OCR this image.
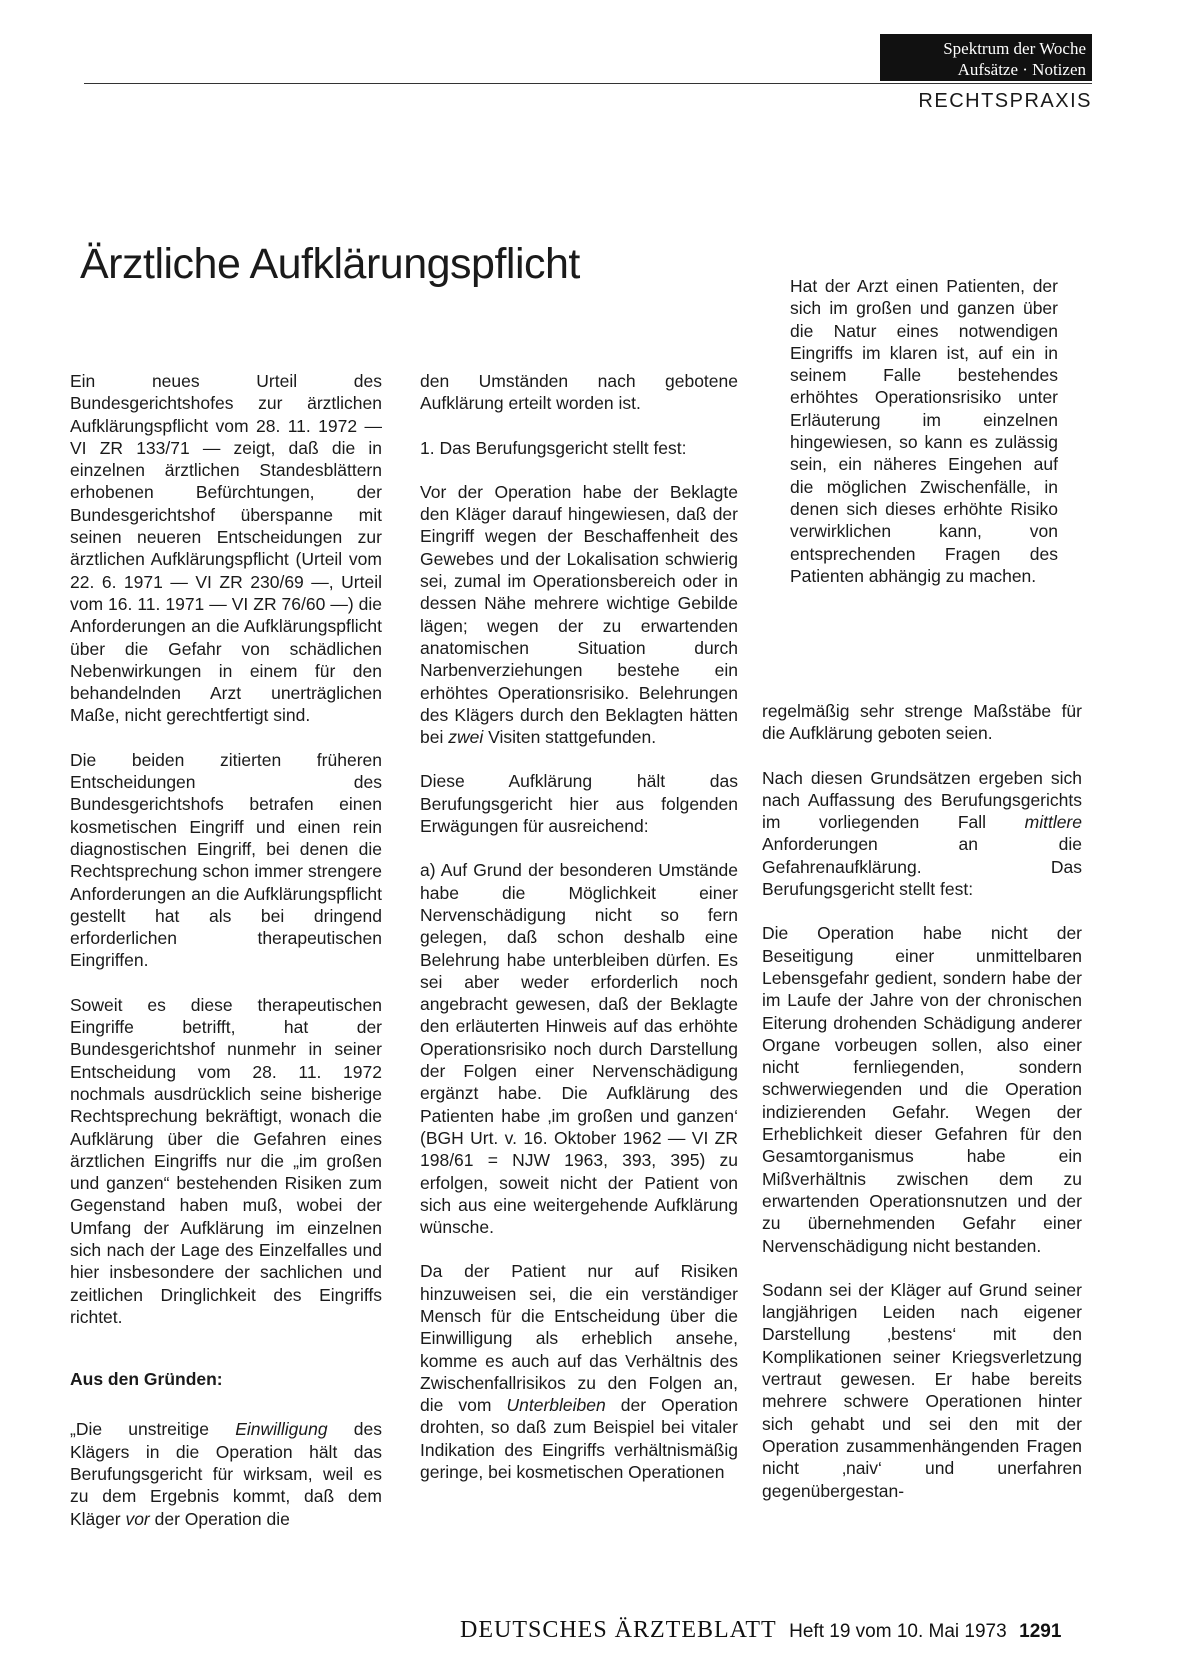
Spektrum der Woche
Aufsätze · Notizen
RECHTSPRAXIS
Ärztliche Aufklärungspflicht

Ein neues Urteil des Bundesgerichtshofes zur ärztlichen Aufklärungspflicht vom 28. 11. 1972 — VI ZR 133/71 — zeigt, daß die in einzelnen ärztlichen Standesblättern erhobenen Befürchtungen, der Bundesgerichtshof überspanne mit seinen neueren Entscheidungen zur ärztlichen Aufklärungspflicht (Urteil vom 22. 6. 1971 — VI ZR 230/69 —, Urteil vom 16. 11. 1971 — VI ZR 76/60 —) die Anforderungen an die Aufklärungspflicht über die Gefahr von schädlichen Nebenwirkungen in einem für den behandelnden Arzt unerträglichen Maße, nicht gerechtfertigt sind.

Die beiden zitierten früheren Entscheidungen des Bundesgerichtshofs betrafen einen kosmetischen Eingriff und einen rein diagnostischen Eingriff, bei denen die Rechtsprechung schon immer strengere Anforderungen an die Aufklärungspflicht gestellt hat als bei dringend erforderlichen therapeutischen Eingriffen.

Soweit es diese therapeutischen Eingriffe betrifft, hat der Bundesgerichtshof nunmehr in seiner Entscheidung vom 28. 11. 1972 nochmals ausdrücklich seine bisherige Rechtsprechung bekräftigt, wonach die Aufklärung über die Gefahren eines ärztlichen Eingriffs nur die „im großen und ganzen“ bestehenden Risiken zum Gegenstand haben muß, wobei der Umfang der Aufklärung im einzelnen sich nach der Lage des Einzelfalles und hier insbesondere der sachlichen und zeitlichen Dringlichkeit des Eingriffs richtet.

Aus den Gründen:

„Die unstreitige Einwilligung des Klägers in die Operation hält das Berufungsgericht für wirksam, weil es zu dem Ergebnis kommt, daß dem Kläger vor der Operation die

den Umständen nach gebotene Aufklärung erteilt worden ist.

1. Das Berufungsgericht stellt fest:

Vor der Operation habe der Beklagte den Kläger darauf hingewiesen, daß der Eingriff wegen der Beschaffenheit des Gewebes und der Lokalisation schwierig sei, zumal im Operationsbereich oder in dessen Nähe mehrere wichtige Gebilde lägen; wegen der zu erwartenden anatomischen Situation durch Narbenverziehungen bestehe ein erhöhtes Operationsrisiko. Belehrungen des Klägers durch den Beklagten hätten bei zwei Visiten stattgefunden.

Diese Aufklärung hält das Berufungsgericht hier aus folgenden Erwägungen für ausreichend:

a) Auf Grund der besonderen Umstände habe die Möglichkeit einer Nervenschädigung nicht so fern gelegen, daß schon deshalb eine Belehrung habe unterbleiben dürfen. Es sei aber weder erforderlich noch angebracht gewesen, daß der Beklagte den erläuterten Hinweis auf das erhöhte Operationsrisiko noch durch Darstellung der Folgen einer Nervenschädigung ergänzt habe. Die Aufklärung des Patienten habe ‚im großen und ganzen‘ (BGH Urt. v. 16. Oktober 1962 — VI ZR 198/61 = NJW 1963, 393, 395) zu erfolgen, soweit nicht der Patient von sich aus eine weitergehende Aufklärung wünsche.

Da der Patient nur auf Risiken hinzuweisen sei, die ein verständiger Mensch für die Entscheidung über die Einwilligung als erheblich ansehe, komme es auch auf das Verhältnis des Zwischenfallrisikos zu den Folgen an, die vom Unterbleiben der Operation drohten, so daß zum Beispiel bei vitaler Indikation des Eingriffs verhältnismäßig geringe, bei kosmetischen Operationen

Hat der Arzt einen Patienten, der sich im großen und ganzen über die Natur eines notwendigen Eingriffs im klaren ist, auf ein in seinem Falle bestehendes erhöhtes Operationsrisiko unter Erläuterung im einzelnen hingewiesen, so kann es zulässig sein, ein näheres Eingehen auf die möglichen Zwischenfälle, in denen sich dieses erhöhte Risiko verwirklichen kann, von entsprechenden Fragen des Patienten abhängig zu machen.

regelmäßig sehr strenge Maßstäbe für die Aufklärung geboten seien.

Nach diesen Grundsätzen ergeben sich nach Auffassung des Berufungsgerichts im vorliegenden Fall mittlere Anforderungen an die Gefahrenaufklärung. Das Berufungsgericht stellt fest:

Die Operation habe nicht der Beseitigung einer unmittelbaren Lebensgefahr gedient, sondern habe der im Laufe der Jahre von der chronischen Eiterung drohenden Schädigung anderer Organe vorbeugen sollen, also einer nicht fernliegenden, sondern schwerwiegenden und die Operation indizierenden Gefahr. Wegen der Erheblichkeit dieser Gefahren für den Gesamtorganismus habe ein Mißverhältnis zwischen dem zu erwartenden Operationsnutzen und der zu übernehmenden Gefahr einer Nervenschädigung nicht bestanden.

Sodann sei der Kläger auf Grund seiner langjährigen Leiden nach eigener Darstellung ‚bestens‘ mit den Komplikationen seiner Kriegsverletzung vertraut gewesen. Er habe bereits mehrere schwere Operationen hinter sich gehabt und sei den mit der Operation zusammenhängenden Fragen nicht ‚naiv‘ und unerfahren gegenübergestan-

DEUTSCHES ÄRZTEBLATT Heft 19 vom 10. Mai 1973 1291
